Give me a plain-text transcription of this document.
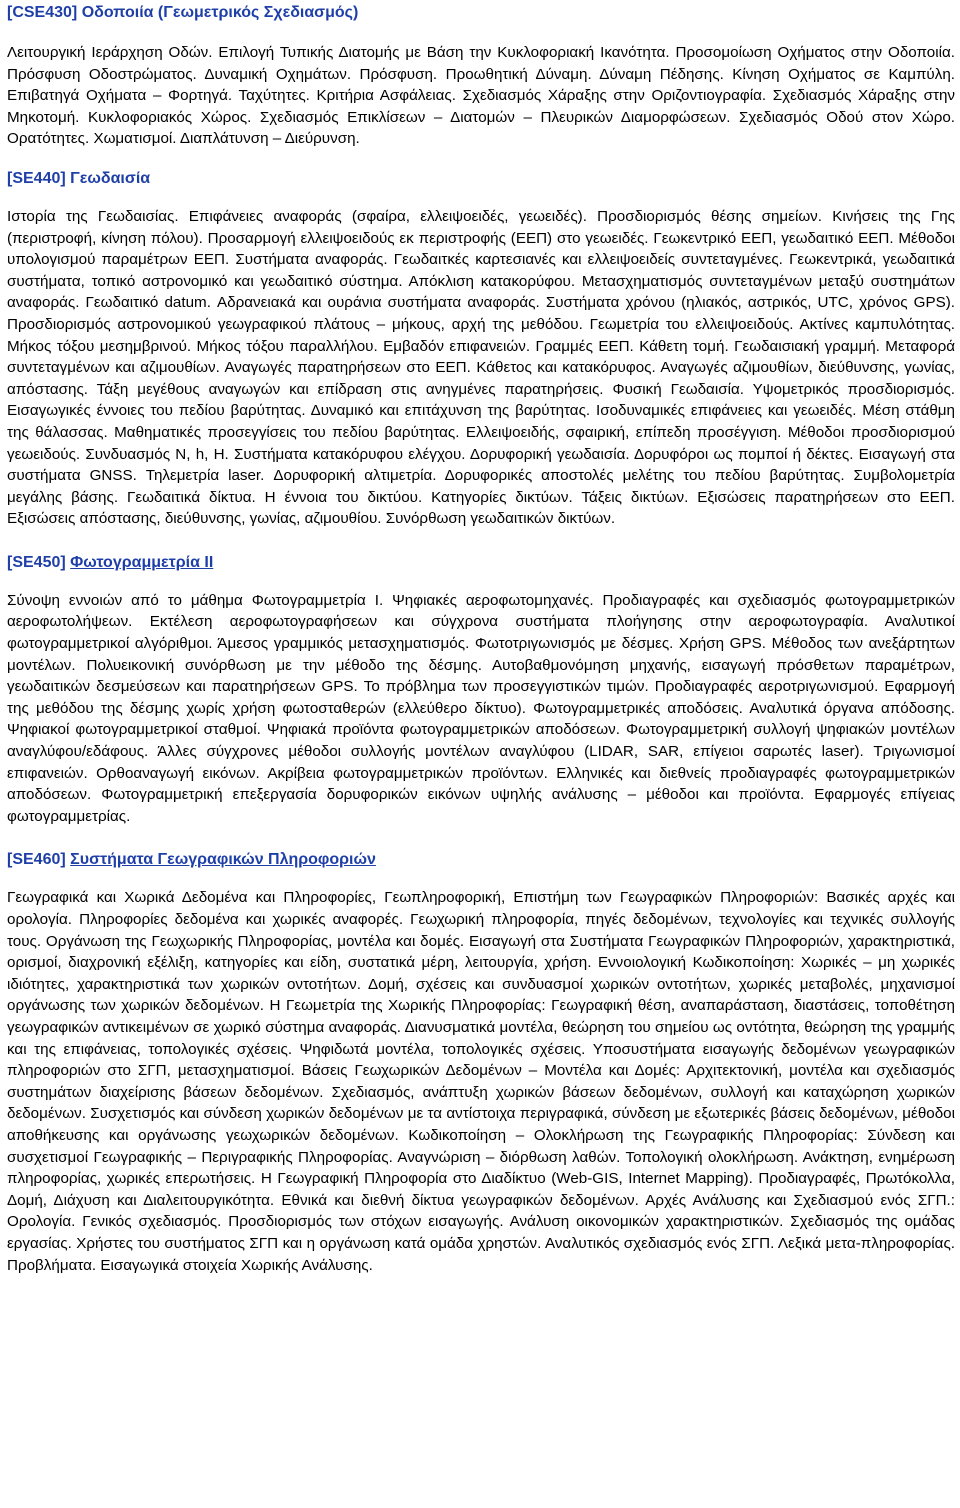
[CSE430] Οδοποιία (Γεωμετρικός Σχεδιασμός)

Λειτουργική Ιεράρχηση Οδών. Επιλογή Τυπικής Διατομής με Βάση την Κυκλοφοριακή Ικανότητα. Προσομοίωση Οχήματος στην Οδοποιία. Πρόσφυση Οδοστρώματος. Δυναμική Οχημάτων. Πρόσφυση. Προωθητική Δύναμη. Δύναμη Πέδησης. Κίνηση Οχήματος σε Καμπύλη. Επιβατηγά Οχήματα – Φορτηγά. Ταχύτητες. Κριτήρια Ασφάλειας. Σχεδιασμός Χάραξης στην Οριζοντιογραφία. Σχεδιασμός Χάραξης στην Μηκοτομή. Κυκλοφοριακός Χώρος. Σχεδιασμός Επικλίσεων – Διατομών – Πλευρικών Διαμορφώσεων. Σχεδιασμός Οδού στον Χώρο. Ορατότητες. Χωματισμοί. Διαπλάτυνση – Διεύρυνση.

[SE440] Γεωδαισία

Ιστορία της Γεωδαισίας. Επιφάνειες αναφοράς (σφαίρα, ελλειψοειδές, γεωειδές). Προσδιορισμός θέσης σημείων. Κινήσεις της Γης (περιστροφή, κίνηση πόλου). Προσαρμογή ελλειψοειδούς εκ περιστροφής (ΕΕΠ) στο γεωειδές. Γεωκεντρικό ΕΕΠ, γεωδαιτικό ΕΕΠ. Μέθοδοι υπολογισμού παραμέτρων ΕΕΠ. Συστήματα αναφοράς. Γεωδαιτκές καρτεσιανές και ελλειψοειδείς συντεταγμένες. Γεωκεντρικά, γεωδαιτικά συστήματα, τοπικό αστρονομικό και γεωδαιτικό σύστημα. Απόκλιση κατακορύφου. Μετασχηματισμός συντεταγμένων μεταξύ συστημάτων αναφοράς. Γεωδαιτικό datum. Αδρανειακά και ουράνια συστήματα αναφοράς. Συστήματα χρόνου (ηλιακός, αστρικός, UTC, χρόνος GPS). Προσδιορισμός αστρονομικού γεωγραφικού πλάτους – μήκους, αρχή της μεθόδου. Γεωμετρία του ελλειψοειδούς. Ακτίνες καμπυλότητας. Μήκος τόξου μεσημβρινού. Μήκος τόξου παραλλήλου. Εμβαδόν επιφανειών. Γραμμές ΕΕΠ. Κάθετη τομή. Γεωδαισιακή γραμμή. Μεταφορά συντεταγμένων και αζιμουθίων. Αναγωγές παρατηρήσεων στο ΕΕΠ. Κάθετος και κατακόρυφος. Αναγωγές αζιμουθίων, διεύθυνσης, γωνίας, απόστασης. Τάξη μεγέθους αναγωγών και επίδραση στις ανηγμένες παρατηρήσεις. Φυσική Γεωδαισία. Υψομετρικός προσδιορισμός. Εισαγωγικές έννοιες του πεδίου βαρύτητας. Δυναμικό και επιτάχυνση της βαρύτητας. Ισοδυναμικές επιφάνειες και γεωειδές. Μέση στάθμη της θάλασσας. Μαθηματικές προσεγγίσεις του πεδίου βαρύτητας. Ελλειψοειδής, σφαιρική, επίπεδη προσέγγιση. Μέθοδοι προσδιορισμού γεωειδούς. Συνδυασμός N, h, H. Συστήματα κατακόρυφου ελέγχου. Δορυφορική γεωδαισία. Δορυφόροι ως πομποί ή δέκτες. Εισαγωγή στα συστήματα GNSS. Τηλεμετρία laser. Δορυφορική αλτιμετρία. Δορυφορικές αποστολές μελέτης του πεδίου βαρύτητας. Συμβολομετρία μεγάλης βάσης. Γεωδαιτικά δίκτυα. Η έννοια του δικτύου. Κατηγορίες δικτύων. Τάξεις δικτύων. Εξισώσεις παρατηρήσεων στο ΕΕΠ. Εξισώσεις απόστασης, διεύθυνσης, γωνίας, αζιμουθίου. Συνόρθωση γεωδαιτικών δικτύων.

[SE450] Φωτογραμμετρία ΙΙ

Σύνοψη εννοιών από το μάθημα Φωτογραμμετρία Ι. Ψηφιακές αεροφωτομηχανές. Προδιαγραφές και σχεδιασμός φωτογραμμετρικών αεροφωτολήψεων. Εκτέλεση αεροφωτογραφήσεων και σύγχρονα συστήματα πλοήγησης στην αεροφωτογραφία. Αναλυτικοί φωτογραμμετρικοί αλγόριθμοι. Άμεσος γραμμικός μετασχηματισμός. Φωτοτριγωνισμός με δέσμες. Χρήση GPS. Μέθοδος των ανεξάρτητων μοντέλων. Πολυεικονική συνόρθωση με την μέθοδο της δέσμης. Αυτοβαθμονόμηση μηχανής, εισαγωγή πρόσθετων παραμέτρων, γεωδαιτικών δεσμεύσεων και παρατηρήσεων GPS. Το πρόβλημα των προσεγγιστικών τιμών. Προδιαγραφές αεροτριγωνισμού. Εφαρμογή της μεθόδου της δέσμης χωρίς χρήση φωτοσταθερών (ελλεύθερο δίκτυο). Φωτογραμμετρικές αποδόσεις. Αναλυτικά όργανα απόδοσης. Ψηφιακοί φωτογραμμετρικοί σταθμοί. Ψηφιακά προϊόντα φωτογραμμετρικών αποδόσεων. Φωτογραμμετρική συλλογή ψηφιακών μοντέλων αναγλύφου/εδάφους. Άλλες σύγχρονες μέθοδοι συλλογής μοντέλων αναγλύφου (LIDAR, SAR, επίγειοι σαρωτές laser). Τριγωνισμοί επιφανειών. Ορθοαναγωγή εικόνων. Ακρίβεια φωτογραμμετρικών προϊόντων. Ελληνικές και διεθνείς προδιαγραφές φωτογραμμετρικών αποδόσεων. Φωτογραμμετρική επεξεργασία δορυφορικών εικόνων υψηλής ανάλυσης – μέθοδοι και προϊόντα. Εφαρμογές επίγειας φωτογραμμετρίας.

[SE460] Συστήματα Γεωγραφικών Πληροφοριών

Γεωγραφικά και Χωρικά Δεδομένα και Πληροφορίες, Γεωπληροφορική, Επιστήμη των Γεωγραφικών Πληροφοριών: Βασικές αρχές και ορολογία. Πληροφορίες δεδομένα και χωρικές αναφορές. Γεωχωρική πληροφορία, πηγές δεδομένων, τεχνολογίες και τεχνικές συλλογής τους. Οργάνωση της Γεωχωρικής Πληροφορίας, μοντέλα και δομές. Εισαγωγή στα Συστήματα Γεωγραφικών Πληροφοριών, χαρακτηριστικά, ορισμοί, διαχρονική εξέλιξη, κατηγορίες και είδη, συστατικά μέρη, λειτουργία, χρήση. Εννοιολογική Κωδικοποίηση: Χωρικές – μη χωρικές ιδιότητες, χαρακτηριστικά των χωρικών οντοτήτων. Δομή, σχέσεις και συνδυασμοί χωρικών οντοτήτων, χωρικές μεταβολές, μηχανισμοί οργάνωσης των χωρικών δεδομένων. Η Γεωμετρία της Χωρικής Πληροφορίας: Γεωγραφική θέση, αναπαράσταση, διαστάσεις, τοποθέτηση γεωγραφικών αντικειμένων σε χωρικό σύστημα αναφοράς. Διανυσματικά μοντέλα, θεώρηση του σημείου ως οντότητα, θεώρηση της γραμμής και της επιφάνειας, τοπολογικές σχέσεις. Ψηφιδωτά μοντέλα, τοπολογικές σχέσεις. Υποσυστήματα εισαγωγής δεδομένων γεωγραφικών πληροφοριών στο ΣΓΠ, μετασχηματισμοί. Βάσεις Γεωχωρικών Δεδομένων – Μοντέλα και Δομές: Αρχιτεκτονική, μοντέλα και σχεδιασμός συστημάτων διαχείρισης βάσεων δεδομένων. Σχεδιασμός, ανάπτυξη χωρικών βάσεων δεδομένων, συλλογή και καταχώρηση χωρικών δεδομένων. Συσχετισμός και σύνδεση χωρικών δεδομένων με τα αντίστοιχα περιγραφικά, σύνδεση με εξωτερικές βάσεις δεδομένων, μέθοδοι αποθήκευσης και οργάνωσης γεωχωρικών δεδομένων. Κωδικοποίηση – Ολοκλήρωση της Γεωγραφικής Πληροφορίας: Σύνδεση και συσχετισμοί Γεωγραφικής – Περιγραφικής Πληροφορίας. Αναγνώριση – διόρθωση λαθών. Τοπολογική ολοκλήρωση. Ανάκτηση, ενημέρωση πληροφορίας, χωρικές επερωτήσεις. Η Γεωγραφική Πληροφορία στο Διαδίκτυο (Web-GIS, Internet Mapping). Προδιαγραφές, Πρωτόκολλα, Δομή, Διάχυση και Διαλειτουργικότητα. Εθνικά και διεθνή δίκτυα γεωγραφικών δεδομένων. Αρχές Ανάλυσης και Σχεδιασμού ενός ΣΓΠ.: Ορολογία. Γενικός σχεδιασμός. Προσδιορισμός των στόχων εισαγωγής. Ανάλυση οικονομικών χαρακτηριστικών. Σχεδιασμός της ομάδας εργασίας. Χρήστες του συστήματος ΣΓΠ και η οργάνωση κατά ομάδα χρηστών. Αναλυτικός σχεδιασμός ενός ΣΓΠ. Λεξικά μετα-πληροφορίας. Προβλήματα. Εισαγωγικά στοιχεία Χωρικής Ανάλυσης.
